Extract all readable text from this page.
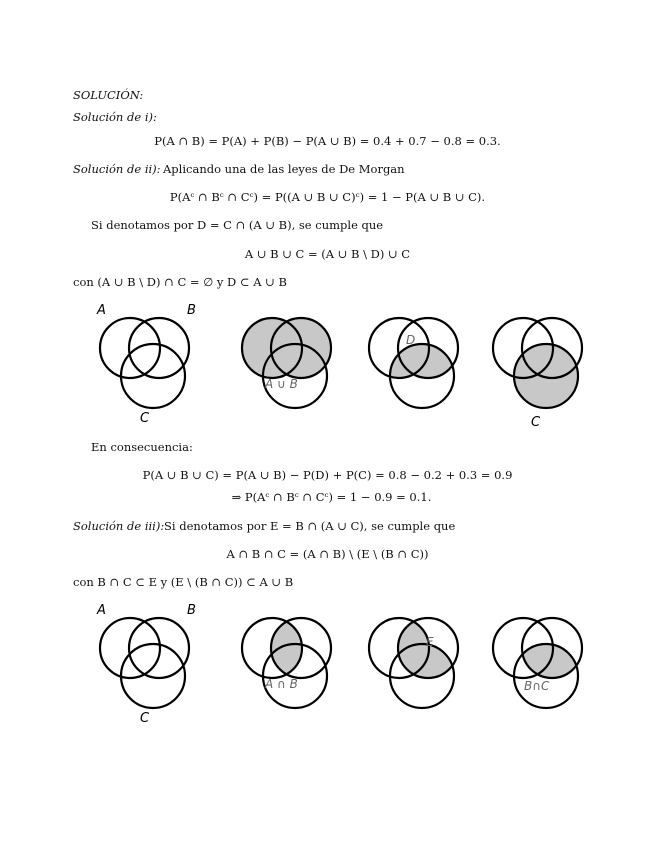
SOLUCIÓN:
Solución de i):
P(A ∩ B) = P(A) + P(B) − P(A ∪ B) = 0.4 + 0.7 − 0.8 = 0.3.
Solución de ii): Aplicando una de las leyes de De Morgan
P(Aᶜ ∩ Bᶜ ∩ Cᶜ) = P((A ∪ B ∪ C)ᶜ) = 1 − P(A ∪ B ∪ C).
Si denotamos por D = C ∩ (A ∪ B), se cumple que
A ∪ B ∪ C = (A ∪ B \ D) ∪ C
con (A ∪ B \ D) ∩ C = ∅ y D ⊂ A ∪ B
A	B
C
A ∪ B
D
C
En consecuencia:
P(A ∪ B ∪ C) = P(A ∪ B) − P(D) + P(C) = 0.8 − 0.2 + 0.3 = 0.9
⇒ P(Aᶜ ∩ Bᶜ ∩ Cᶜ) = 1 − 0.9 = 0.1.
Solución de iii): Si denotamos por E = B ∩ (A ∪ C), se cumple que
A ∩ B ∩ C = (A ∩ B) \ (E \ (B ∩ C))
con B ∩ C ⊂ E y (E \ (B ∩ C)) ⊂ A ∪ B
A	B
C
A ∩ B
E
B∩C
